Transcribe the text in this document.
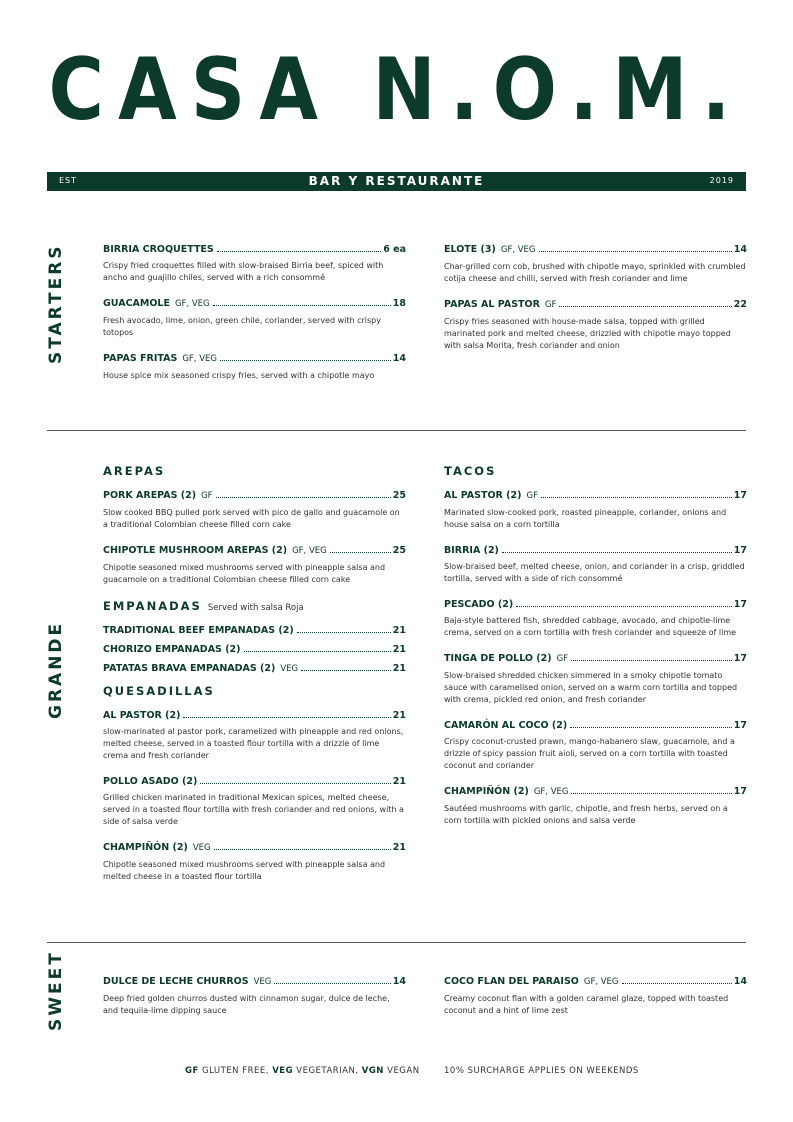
CASA N.O.M.
EST	BAR Y RESTAURANTE	2019
STARTERS
GRANDE
SWEET
BIRRIA CROQUETTES	6 ea
Crispy fried croquettes filled with slow-braised Birria beef, spiced with ancho and guajillo chiles, served with a rich consommé
GUACAMOLE GF, VEG	18
Fresh avocado, lime, onion, green chile, coriander, served with crispy totopos
PAPAS FRITAS GF, VEG	14
House spice mix seasoned crispy fries, served with a chipotle mayo
ELOTE (3) GF, VEG	14
Char-grilled corn cob, brushed with chipotle mayo, sprinkled with crumbled cotija cheese and chilli, served with fresh coriander and lime
PAPAS AL PASTOR GF	22
Crispy fries seasoned with house-made salsa, topped with grilled marinated pork and melted cheese, drizzled with chipotle mayo topped with salsa Morita, fresh coriander and onion
AREPAS
PORK AREPAS (2) GF	25
Slow cooked BBQ pulled pork served with pico de gallo and guacamole on a traditional Colombian cheese filled corn cake
CHIPOTLE MUSHROOM AREPAS (2) GF, VEG	25
Chipotle seasoned mixed mushrooms served with pineapple salsa and guacamole on a traditional Colombian cheese filled corn cake
EMPANADAS Served with salsa Roja
TRADITIONAL BEEF EMPANADAS (2)	21
CHORIZO EMPANADAS (2)	21
PATATAS BRAVA EMPANADAS (2) VEG	21
QUESADILLAS
AL PASTOR (2)	21
slow-marinated al pastor pork, caramelized with pineapple and red onions, melted cheese, served in a toasted flour tortilla with a drizzle of lime crema and fresh coriander
POLLO ASADO (2)	21
Grilled chicken marinated in traditional Mexican spices, melted cheese, served in a toasted flour tortilla with fresh coriander and red onions, with a side of salsa verde
CHAMPIÑÓN (2) VEG	21
Chipotle seasoned mixed mushrooms served with pineapple salsa and melted cheese in a toasted flour tortilla
TACOS
AL PASTOR (2) GF	17
Marinated slow-cooked pork, roasted pineapple, coriander, onions and house salsa on a corn tortilla
BIRRIA (2)	17
Slow-braised beef, melted cheese, onion, and coriander in a crisp, griddled tortilla, served with a side of rich consommé
PESCADO (2)	17
Baja-style battered fish, shredded cabbage, avocado, and chipotle-lime crema, served on a corn tortilla with fresh coriander and squeeze of lime
TINGA DE POLLO (2) GF	17
Slow-braised shredded chicken simmered in a smoky chipotle tomato sauce with caramelised onion, served on a warm corn tortilla and topped with crema, pickled red onion, and fresh coriander
CAMARÓN AL COCO (2)	17
Crispy coconut-crusted prawn, mango-habanero slaw, guacamole, and a drizzle of spicy passion fruit aioli, served on a corn tortilla with toasted coconut and coriander
CHAMPIÑÓN (2) GF, VEG	17
Sautéed mushrooms with garlic, chipotle, and fresh herbs, served on a corn tortilla with pickled onions and salsa verde
DULCE DE LECHE CHURROS VEG	14
Deep fried golden churros dusted with cinnamon sugar, dulce de leche, and tequila-lime dipping sauce
COCO FLAN DEL PARAISO GF, VEG	14
Creamy coconut flan with a golden caramel glaze, topped with toasted coconut and a hint of lime zest
GF GLUTEN FREE, VEG VEGETARIAN, VGN VEGAN	10% SURCHARGE APPLIES ON WEEKENDS
